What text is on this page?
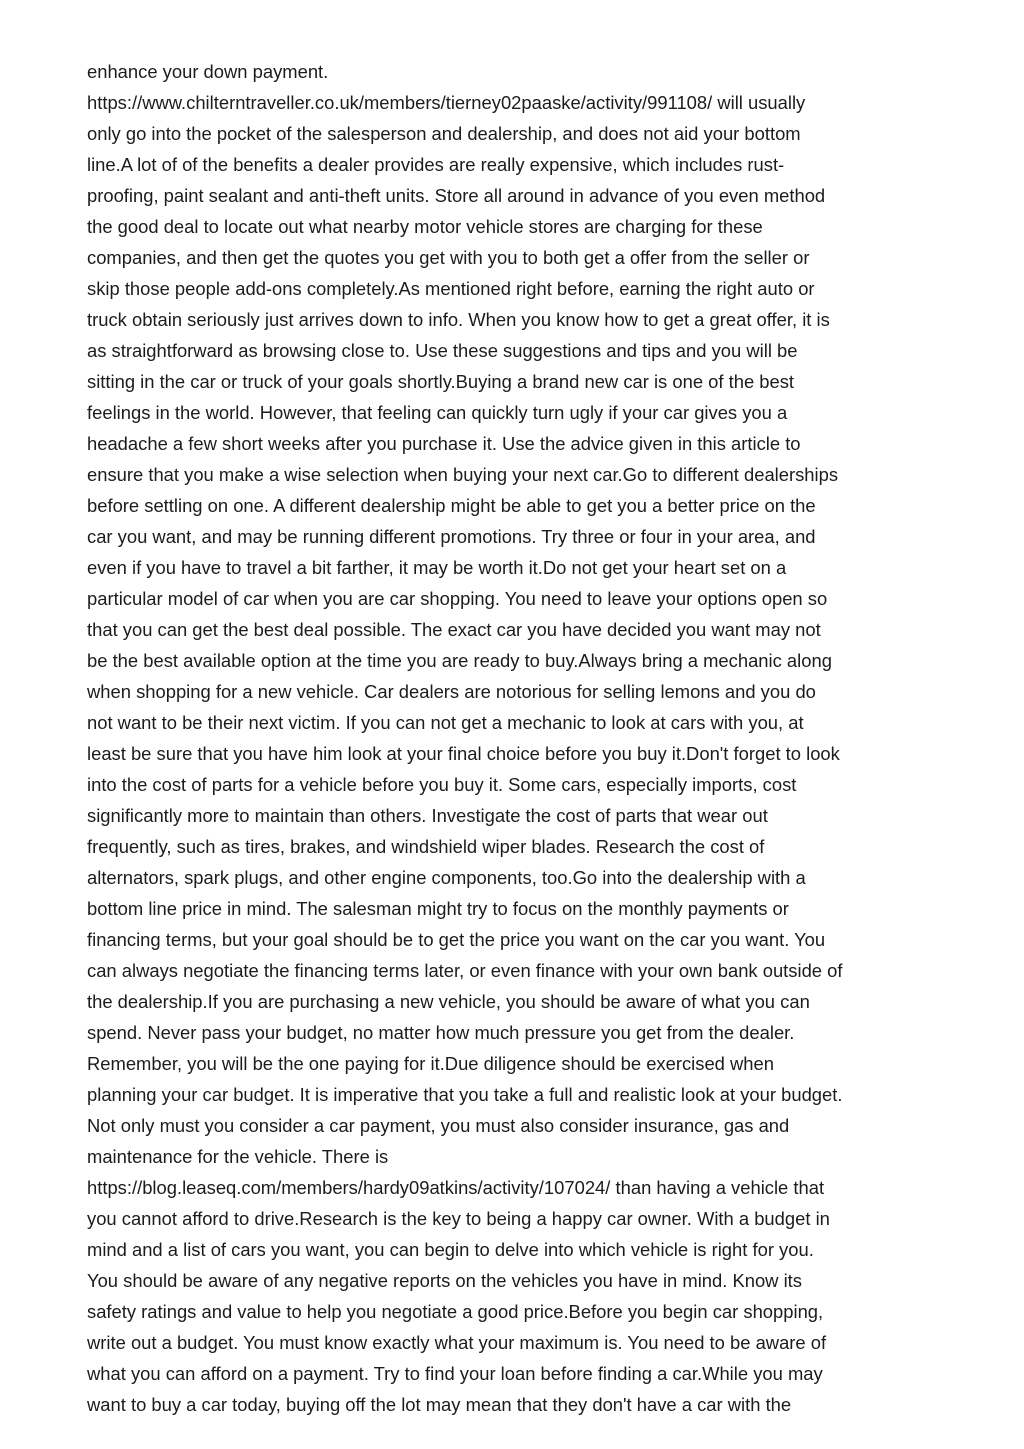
enhance your down payment.
https://www.chilterntraveller.co.uk/members/tierney02paaske/activity/991108/ will usually
only go into the pocket of the salesperson and dealership, and does not aid your bottom
line.A lot of of the benefits a dealer provides are really expensive, which includes rust-
proofing, paint sealant and anti-theft units. Store all around in advance of you even method
the good deal to locate out what nearby motor vehicle stores are charging for these
companies, and then get the quotes you get with you to both get a offer from the seller or
skip those people add-ons completely.As mentioned right before, earning the right auto or
truck obtain seriously just arrives down to info. When you know how to get a great offer, it is
as straightforward as browsing close to. Use these suggestions and tips and you will be
sitting in the car or truck of your goals shortly.Buying a brand new car is one of the best
feelings in the world. However, that feeling can quickly turn ugly if your car gives you a
headache a few short weeks after you purchase it. Use the advice given in this article to
ensure that you make a wise selection when buying your next car.Go to different dealerships
before settling on one. A different dealership might be able to get you a better price on the
car you want, and may be running different promotions. Try three or four in your area, and
even if you have to travel a bit farther, it may be worth it.Do not get your heart set on a
particular model of car when you are car shopping. You need to leave your options open so
that you can get the best deal possible. The exact car you have decided you want may not
be the best available option at the time you are ready to buy.Always bring a mechanic along
when shopping for a new vehicle. Car dealers are notorious for selling lemons and you do
not want to be their next victim. If you can not get a mechanic to look at cars with you, at
least be sure that you have him look at your final choice before you buy it.Don't forget to look
into the cost of parts for a vehicle before you buy it. Some cars, especially imports, cost
significantly more to maintain than others. Investigate the cost of parts that wear out
frequently, such as tires, brakes, and windshield wiper blades. Research the cost of
alternators, spark plugs, and other engine components, too.Go into the dealership with a
bottom line price in mind. The salesman might try to focus on the monthly payments or
financing terms, but your goal should be to get the price you want on the car you want. You
can always negotiate the financing terms later, or even finance with your own bank outside of
the dealership.If you are purchasing a new vehicle, you should be aware of what you can
spend. Never pass your budget, no matter how much pressure you get from the dealer.
Remember, you will be the one paying for it.Due diligence should be exercised when
planning your car budget. It is imperative that you take a full and realistic look at your budget.
Not only must you consider a car payment, you must also consider insurance, gas and
maintenance for the vehicle. There is
https://blog.leaseq.com/members/hardy09atkins/activity/107024/ than having a vehicle that
you cannot afford to drive.Research is the key to being a happy car owner. With a budget in
mind and a list of cars you want, you can begin to delve into which vehicle is right for you.
You should be aware of any negative reports on the vehicles you have in mind. Know its
safety ratings and value to help you negotiate a good price.Before you begin car shopping,
write out a budget. You must know exactly what your maximum is. You need to be aware of
what you can afford on a payment. Try to find your loan before finding a car.While you may
want to buy a car today, buying off the lot may mean that they don't have a car with the
